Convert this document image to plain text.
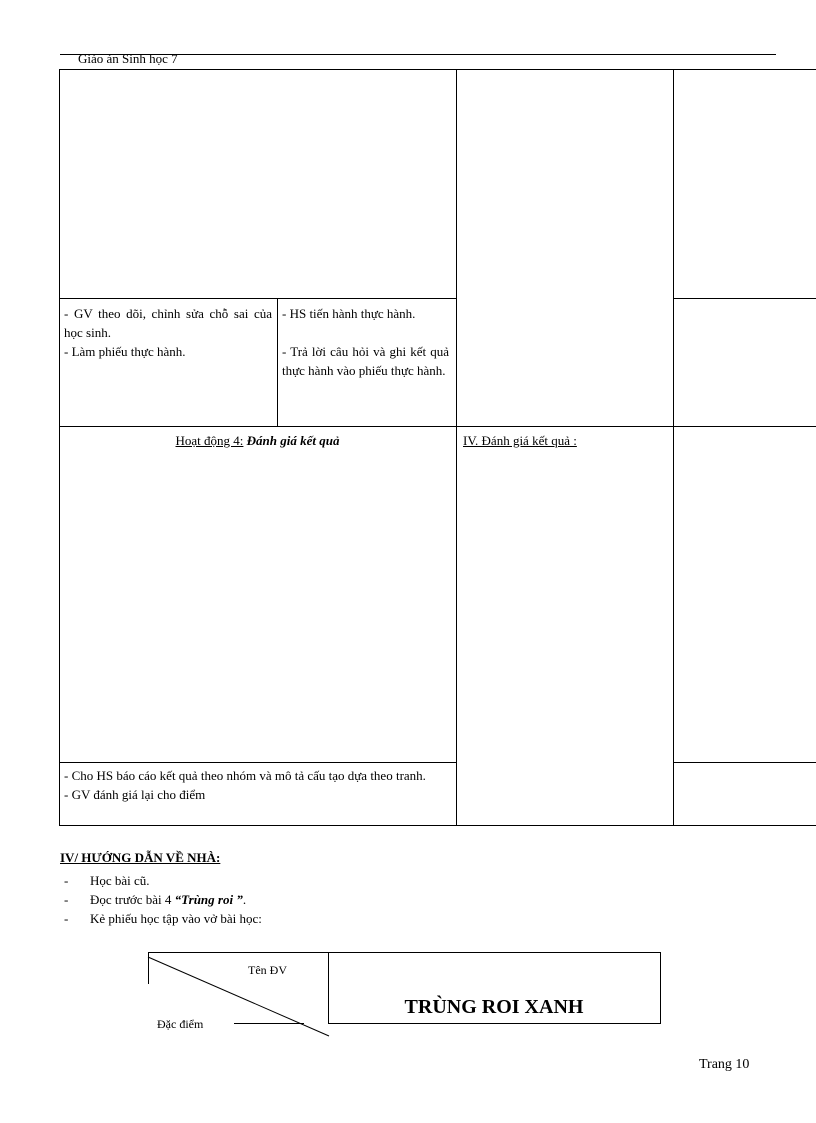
Giáo án Sinh học 7
- GV theo dõi, chỉnh sửa chỗ sai của học sinh.
- Làm phiếu thực hành.
- HS tiến hành thực hành.
- Trả lời câu hỏi và ghi kết quả thực hành vào phiếu thực hành.
Hoạt động 4: Đánh giá kết quả	IV. Đánh giá kết quả :
- Cho HS báo cáo kết quả theo nhóm và mô tả cấu tạo dựa theo tranh.
- GV đánh giá lại cho điểm
IV/ HƯỚNG DẪN VỀ NHÀ:
- Học bài cũ.
- Đọc trước bài 4 “Trùng roi ”.
- Kẻ phiếu học tập vào vở bài học:
Tên ĐV
Đặc điểm
TRÙNG ROI XANH
Trang 10
